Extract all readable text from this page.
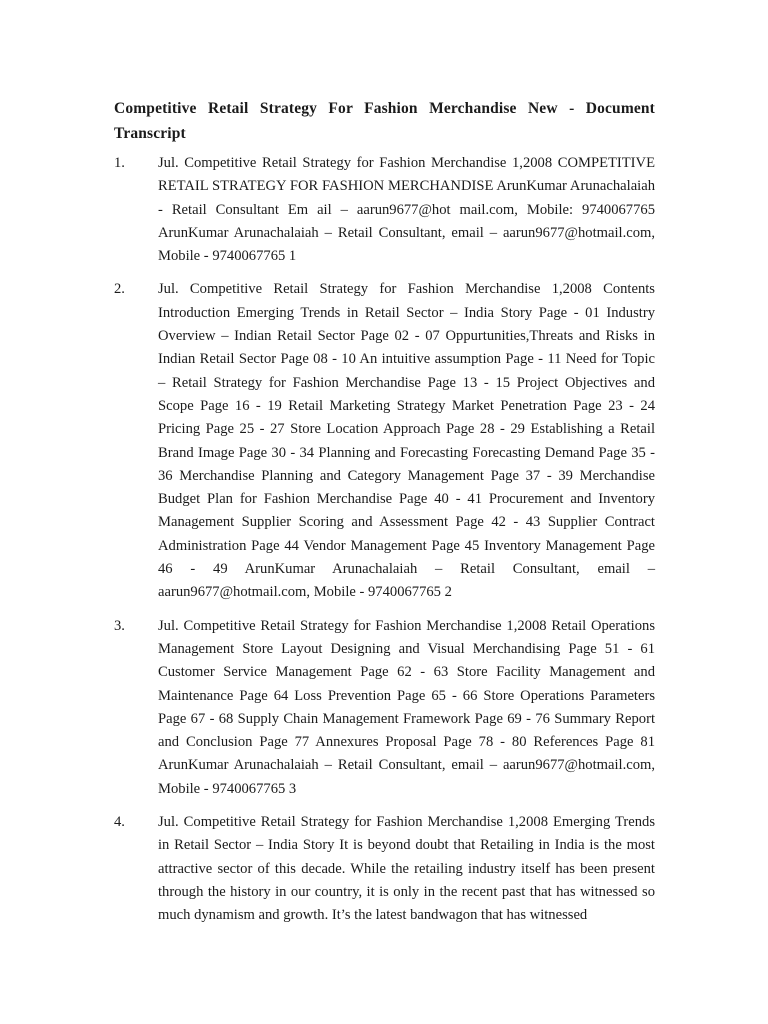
Competitive Retail Strategy For Fashion Merchandise New - Document Transcript
1. Jul. Competitive Retail Strategy for Fashion Merchandise 1,2008 COMPETITIVE RETAIL STRATEGY FOR FASHION MERCHANDISE ArunKumar Arunachalaiah - Retail Consultant Em ail – aarun9677@hot mail.com, Mobile: 9740067765 ArunKumar Arunachalaiah – Retail Consultant, email – aarun9677@hotmail.com, Mobile - 9740067765 1
2. Jul. Competitive Retail Strategy for Fashion Merchandise 1,2008 Contents Introduction Emerging Trends in Retail Sector – India Story Page - 01 Industry Overview – Indian Retail Sector Page 02 - 07 Oppurtunities,Threats and Risks in Indian Retail Sector Page 08 - 10 An intuitive assumption Page - 11 Need for Topic – Retail Strategy for Fashion Merchandise Page 13 - 15 Project Objectives and Scope Page 16 - 19 Retail Marketing Strategy Market Penetration Page 23 - 24 Pricing Page 25 - 27 Store Location Approach Page 28 - 29 Establishing a Retail Brand Image Page 30 - 34 Planning and Forecasting Forecasting Demand Page 35 - 36 Merchandise Planning and Category Management Page 37 - 39 Merchandise Budget Plan for Fashion Merchandise Page 40 - 41 Procurement and Inventory Management Supplier Scoring and Assessment Page 42 - 43 Supplier Contract Administration Page 44 Vendor Management Page 45 Inventory Management Page 46 - 49 ArunKumar Arunachalaiah – Retail Consultant, email – aarun9677@hotmail.com, Mobile - 9740067765 2
3. Jul. Competitive Retail Strategy for Fashion Merchandise 1,2008 Retail Operations Management Store Layout Designing and Visual Merchandising Page 51 - 61 Customer Service Management Page 62 - 63 Store Facility Management and Maintenance Page 64 Loss Prevention Page 65 - 66 Store Operations Parameters Page 67 - 68 Supply Chain Management Framework Page 69 - 76 Summary Report and Conclusion Page 77 Annexures Proposal Page 78 - 80 References Page 81 ArunKumar Arunachalaiah – Retail Consultant, email – aarun9677@hotmail.com, Mobile - 9740067765 3
4. Jul. Competitive Retail Strategy for Fashion Merchandise 1,2008 Emerging Trends in Retail Sector – India Story It is beyond doubt that Retailing in India is the most attractive sector of this decade. While the retailing industry itself has been present through the history in our country, it is only in the recent past that has witnessed so much dynamism and growth. It’s the latest bandwagon that has witnessed
